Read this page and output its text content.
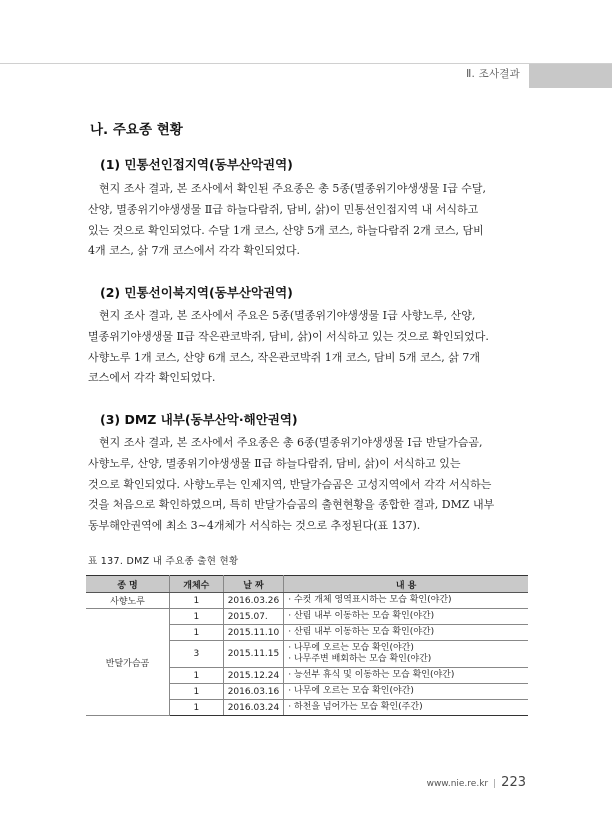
Ⅱ. 조사결과
나. 주요종 현황
(1) 민통선인접지역(동부산악권역)

현지 조사 결과, 본 조사에서 확인된 주요종은 총 5종(멸종위기야생생물 Ⅰ급 수달,
산양, 멸종위기야생생물 Ⅱ급 하늘다람쥐, 담비, 삵)이 민통선인접지역 내 서식하고
있는 것으로 확인되었다. 수달 1개 코스, 산양 5개 코스, 하늘다람쥐 2개 코스, 담비
4개 코스, 삵 7개 코스에서 각각 확인되었다.

(2) 민통선이북지역(동부산악권역)

현지 조사 결과, 본 조사에서 주요은 5종(멸종위기야생생물 Ⅰ급 사향노루, 산양,
멸종위기야생생물 Ⅱ급 작은관코박쥐, 담비, 삵)이 서식하고 있는 것으로 확인되었다.
사향노루 1개 코스, 산양 6개 코스, 작은관코박쥐 1개 코스, 담비 5개 코스, 삵 7개
코스에서 각각 확인되었다.

(3) DMZ 내부(동부산악·해안권역)

현지 조사 결과, 본 조사에서 주요종은 총 6종(멸종위기야생생물 Ⅰ급 반달가슴곰,
사향노루, 산양, 멸종위기야생생물 Ⅱ급 하늘다람쥐, 담비, 삵)이 서식하고 있는
것으로 확인되었다. 사향노루는 인제지역, 반달가슴곰은 고성지역에서 각각 서식하는
것을 처음으로 확인하였으며, 특히 반달가슴곰의 출현현황을 종합한 결과, DMZ 내부
동부해안권역에 최소 3~4개체가 서식하는 것으로 추정된다(표 137).

표 137. DMZ 내 주요종 출현 현황
종 명	개체수	날 짜	내 용
사향노루	1	2016.03.26	· 수컷 개체 영역표시하는 모습 확인(야간)

반달가슴곰	1	2015.07.	· 산림 내부 이동하는 모습 확인(야간)

	1	2015.11.10	· 산림 내부 이동하는 모습 확인(야간)

	3	2015.11.15	· 나무에 오르는 모습 확인(야간)
· 나무주변 배회하는 모습 확인(야간)

	1	2015.12.24	· 능선부 휴식 및 이동하는 모습 확인(야간)

	1	2016.03.16	· 나무에 오르는 모습 확인(야간)

	1	2016.03.24	· 하천을 넘어가는 모습 확인(주간)
www.nie.re.kr | 223
